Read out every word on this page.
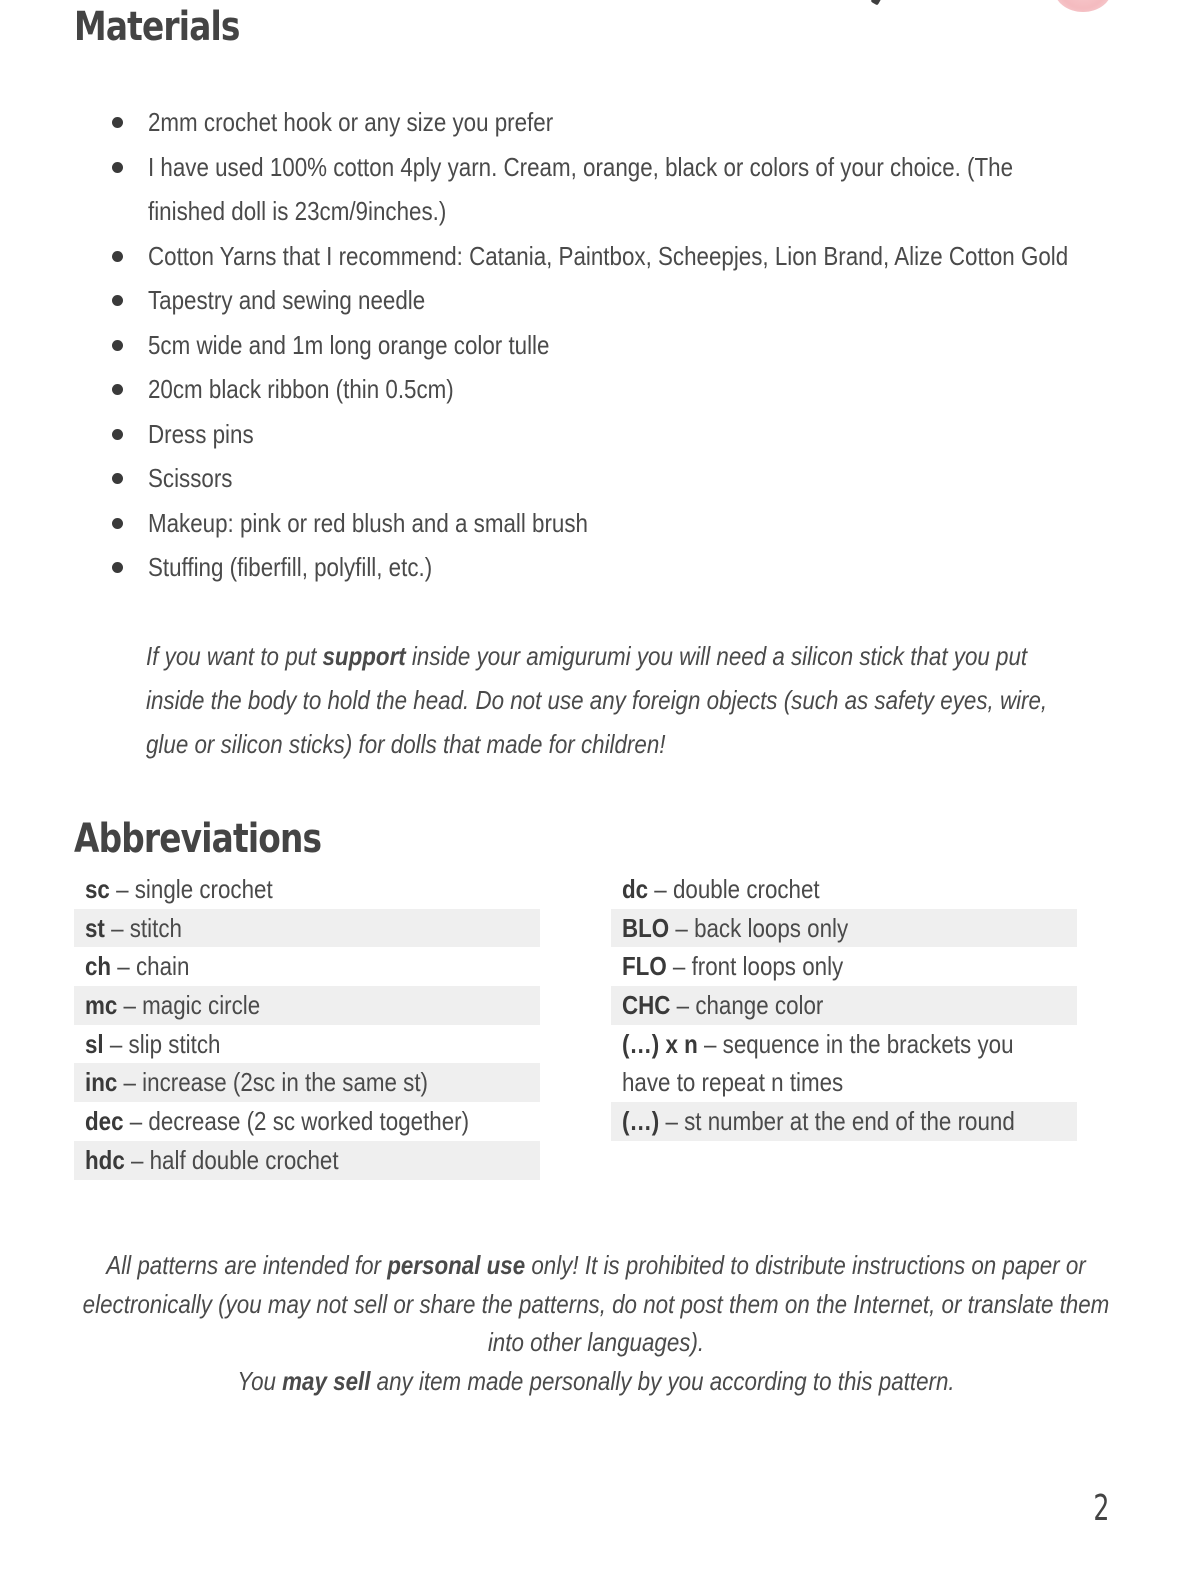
Materials
2mm crochet hook or any size you prefer
I have used 100% cotton 4ply yarn. Cream, orange, black or colors of your choice. (The finished doll is 23cm/9inches.)
Cotton Yarns that I recommend: Catania, Paintbox, Scheepjes, Lion Brand, Alize Cotton Gold
Tapestry and sewing needle
5cm wide and 1m long orange color tulle
20cm black ribbon (thin 0.5cm)
Dress pins
Scissors
Makeup: pink or red blush and a small brush
Stuffing (fiberfill, polyfill, etc.)
If you want to put support inside your amigurumi you will need a silicon stick that you put inside the body to hold the head. Do not use any foreign objects (such as safety eyes, wire, glue or silicon sticks) for dolls that made for children!
Abbreviations
sc – single crochet
st – stitch
ch – chain
mc – magic circle
sl – slip stitch
inc – increase (2sc in the same st)
dec – decrease (2 sc worked together)
hdc – half double crochet
dc – double crochet
BLO – back loops only
FLO – front loops only
CHC – change color
(…) x n – sequence in the brackets you
have to repeat n times
(…) – st number at the end of the round

All patterns are intended for personal use only! It is prohibited to distribute instructions on paper or electronically (you may not sell or share the patterns, do not post them on the Internet, or translate them into other languages).

You may sell any item made personally by you according to this pattern.

2
